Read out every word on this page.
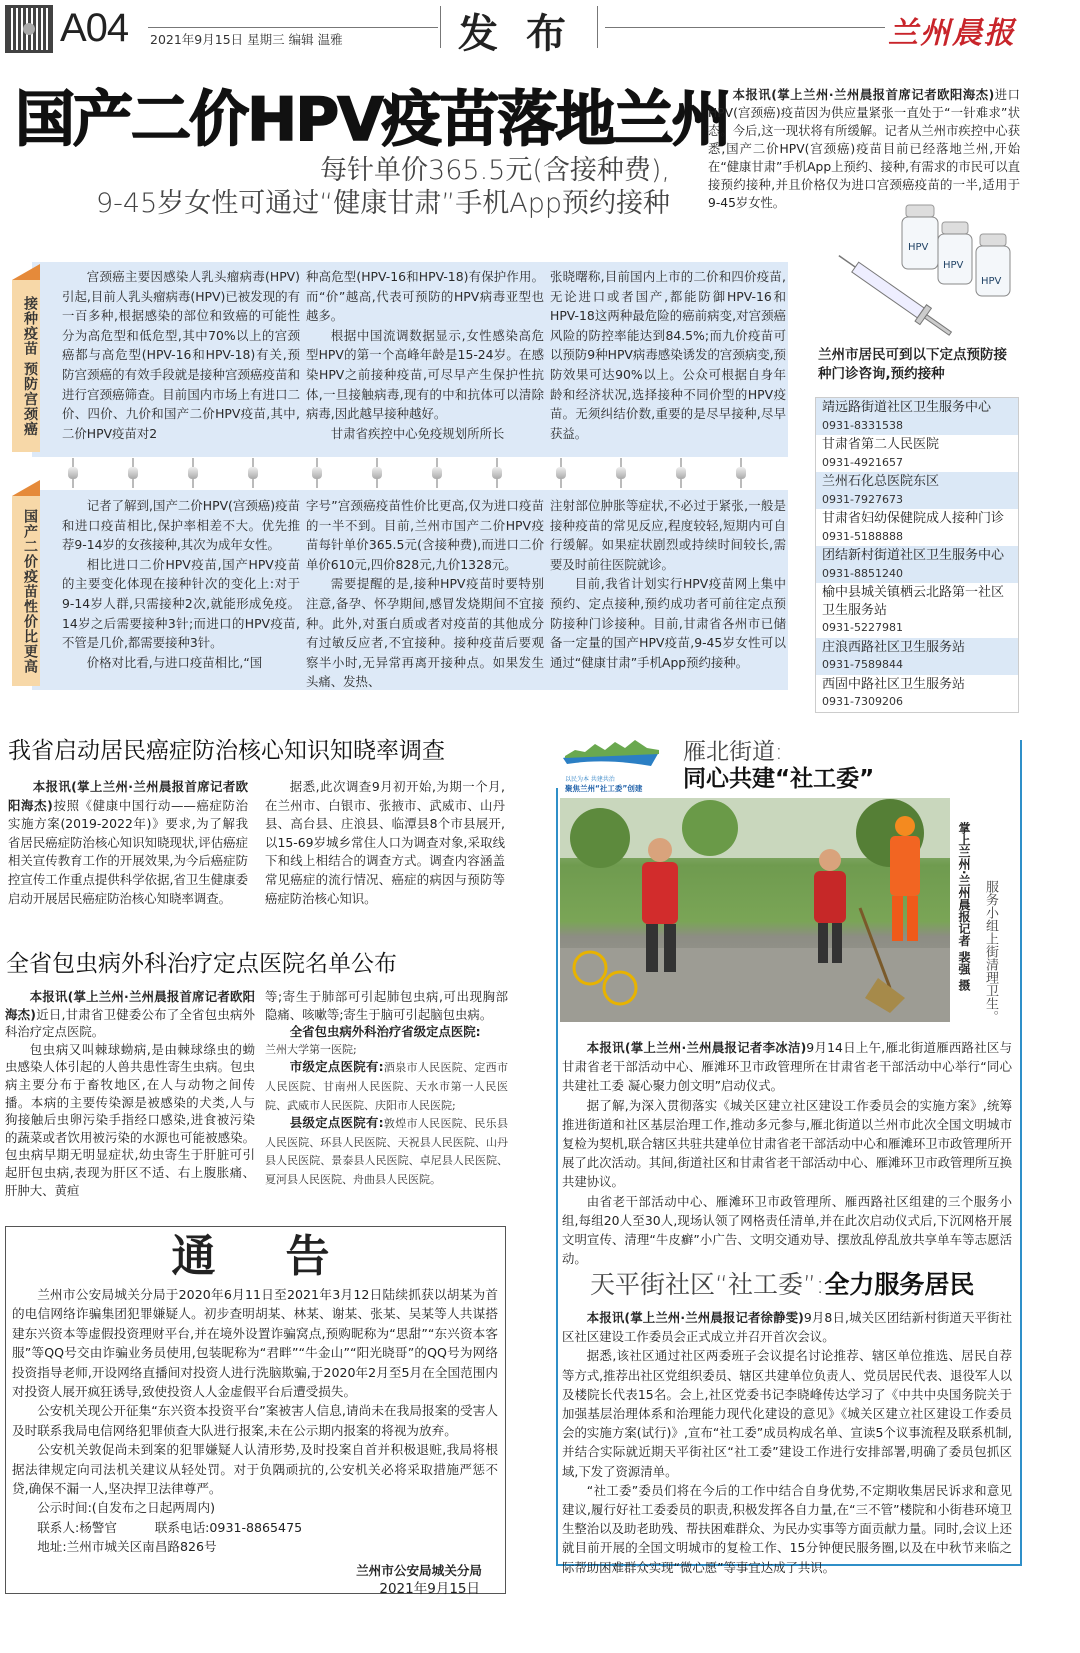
A04 2021年9月15日 星期三 编辑 温雅	发布	兰州晨报
国产二价HPV疫苗落地兰州
每针单价365.5元(含接种费),
9-45岁女性可通过“健康甘肃”手机App预约接种
本报讯(掌上兰州·兰州晨报首席记者欧阳海杰)进口HPV(宫颈癌)疫苗因为供应量紧张一直处于“一针难求”状态。今后,这一现状将有所缓解。记者从兰州市疾控中心获悉,国产二价HPV(宫颈癌)疫苗目前已经落地兰州,开始在“健康甘肃”手机App上预约、接种,有需求的市民可以直接预约接种,并且价格仅为进口宫颈癌疫苗的一半,适用于9-45岁女性。
HPV
HPV
HPV
接种疫苗 预防宫颈癌

宫颈癌主要因感染人乳头瘤病毒(HPV)引起,目前人乳头瘤病毒(HPV)已被发现的有一百多种,根据感染的部位和致癌的可能性分为高危型和低危型,其中70%以上的宫颈癌都与高危型(HPV-16和HPV-18)有关,预防宫颈癌的有效手段就是接种宫颈癌疫苗和进行宫颈癌筛查。目前国内市场上有进口二价、四价、九价和国产二价HPV疫苗,其中,二价HPV疫苗对2

种高危型(HPV-16和HPV-18)有保护作用。而“价”越高,代表可预防的HPV病毒亚型也越多。

根据中国流调数据显示,女性感染高危型HPV的第一个高峰年龄是15-24岁。在感染HPV之前接种疫苗,可尽早产生保护性抗体,一旦接触病毒,现有的中和抗体可以清除病毒,因此越早接种越好。

甘肃省疾控中心免疫规划所所长

张晓曙称,目前国内上市的二价和四价疫苗,无论进口或者国产,都能防御HPV-16和HPV-18这两种最危险的癌前病变,对宫颈癌风险的防控率能达到84.5%;而九价疫苗可以预防9种HPV病毒感染诱发的宫颈病变,预防效果可达90%以上。公众可根据自身年龄和经济状况,选择接种不同价型的HPV疫苗。无须纠结价数,重要的是尽早接种,尽早获益。

国产二价疫苗性价比更高

记者了解到,国产二价HPV(宫颈癌)疫苗和进口疫苗相比,保护率相差不大。优先推荐9-14岁的女孩接种,其次为成年女性。

相比进口二价HPV疫苗,国产HPV疫苗的主要变化体现在接种针次的变化上:对于9-14岁人群,只需接种2次,就能形成免疫。14岁之后需要接种3针;而进口的HPV疫苗,不管是几价,都需要接种3针。

价格对比看,与进口疫苗相比,“国

字号”宫颈癌疫苗性价比更高,仅为进口疫苗的一半不到。目前,兰州市国产二价HPV疫苗每针单价365.5元(含接种费),而进口二价单价610元,四价828元,九价1328元。

需要提醒的是,接种HPV疫苗时要特别注意,备孕、怀孕期间,感冒发烧期间不宜接种。此外,对蛋白质或者对疫苗的其他成分有过敏反应者,不宜接种。接种疫苗后要观察半小时,无异常再离开接种点。如果发生头痛、发热、

注射部位肿胀等症状,不必过于紧张,一般是接种疫苗的常见反应,程度较轻,短期内可自行缓解。如果症状剧烈或持续时间较长,需要及时前往医院就诊。

目前,我省计划实行HPV疫苗网上集中预约、定点接种,预约成功者可前往定点预防接种门诊接种。目前,甘肃省各州市已储备一定量的国产HPV疫苗,9-45岁女性可以通过“健康甘肃”手机App预约接种。

兰州市居民可到以下定点预防接种门诊咨询,预约接种
靖远路街道社区卫生服务中心
0931-8331538
甘肃省第二人民医院
0931-4921657
兰州石化总医院东区
0931-7927673
甘肃省妇幼保健院成人接种门诊
0931-5188888
团结新村街道社区卫生服务中心
0931-8851240
榆中县城关镇栖云北路第一社区卫生服务站
0931-5227981
庄浪西路社区卫生服务站
0931-7589844
西固中路社区卫生服务站
0931-7309206
我省启动居民癌症防治核心知识知晓率调查

本报讯(掌上兰州·兰州晨报首席记者欧阳海杰)按照《健康中国行动——癌症防治实施方案(2019-2022年)》要求,为了解我省居民癌症防治核心知识知晓现状,评估癌症相关宣传教育工作的开展效果,为今后癌症防控宣传工作重点提供科学依据,省卫生健康委启动开展居民癌症防治核心知晓率调查。

据悉,此次调查9月初开始,为期一个月,在兰州市、白银市、张掖市、武威市、山丹县、高台县、庄浪县、临潭县8个市县展开,以15-69岁城乡常住人口为调查对象,采取线下和线上相结合的调查方式。调查内容涵盖常见癌症的流行情况、癌症的病因与预防等癌症防治核心知识。

全省包虫病外科治疗定点医院名单公布

本报讯(掌上兰州·兰州晨报首席记者欧阳海杰)近日,甘肃省卫健委公布了全省包虫病外科治疗定点医院。

包虫病又叫棘球蚴病,是由棘球绦虫的蚴虫感染人体引起的人兽共患性寄生虫病。包虫病主要分布于畜牧地区,在人与动物之间传播。本病的主要传染源是被感染的犬类,人与狗接触后虫卵污染手指经口感染,进食被污染的蔬菜或者饮用被污染的水源也可能被感染。包虫病早期无明显症状,幼虫寄生于肝脏可引起肝包虫病,表现为肝区不适、右上腹胀痛、肝肿大、黄疸

等;寄生于肺部可引起肺包虫病,可出现胸部隐痛、咳嗽等;寄生于脑可引起脑包虫病。

全省包虫病外科治疗省级定点医院:

兰州大学第一医院;

市级定点医院有:酒泉市人民医院、定西市人民医院、甘南州人民医院、天水市第一人民医院、武威市人民医院、庆阳市人民医院;

县级定点医院有:敦煌市人民医院、民乐县人民医院、环县人民医院、天祝县人民医院、山丹县人民医院、景泰县人民医院、卓尼县人民医院、夏河县人民医院、舟曲县人民医院。

通告

兰州市公安局城关分局于2020年6月11日至2021年3月12日陆续抓获以胡某为首的电信网络诈骗集团犯罪嫌疑人。初步查明胡某、林某、谢某、张某、吴某等人共谋搭建东兴资本等虚假投资理财平台,并在境外设置诈骗窝点,预购昵称为“思甜”“东兴资本客服”等QQ号交由诈骗业务员使用,包装昵称为“君畔”“牛金山”“阳光晓哥”的QQ号为网络投资指导老师,开设网络直播间对投资人进行洗脑欺骗,于2020年2月至5月在全国范围内对投资人展开疯狂诱导,致使投资人人金虚假平台后遭受损失。

公安机关现公开征集“东兴资本投资平台”案被害人信息,请尚未在我局报案的受害人及时联系我局电信网络犯罪侦查大队进行报案,未在公示期内报案的将视为放弃。

公安机关敦促尚未到案的犯罪嫌疑人认清形势,及时投案自首并积极退赃,我局将根据法律规定向司法机关建议从轻处罚。对于负隅顽抗的,公安机关必将采取措施严惩不贷,确保不漏一人,坚决捍卫法律尊严。

公示时间:(自发布之日起两周内)

联系人:杨警官	联系电话:0931-8865475

地址:兰州市城关区南昌路826号

兰州市公安局城关分局

2021年9月15日

以民为本 共建共治
聚焦兰州“社工委”创建
雁北街道:
同心共建“社工委”
掌上兰州·兰州晨报记者 裴强 摄 服务小组上街清理卫生。

本报讯(掌上兰州·兰州晨报记者李冰洁)9月14日上午,雁北街道雁西路社区与甘肃省老干部活动中心、雁滩环卫市政管理所在甘肃省老干部活动中心举行“同心共建社工委 凝心聚力创文明”启动仪式。

据了解,为深入贯彻落实《城关区建立社区建设工作委员会的实施方案》,统筹推进街道和社区基层治理工作,推动多元参与,雁北街道以兰州市此次全国文明城市复检为契机,联合辖区共驻共建单位甘肃省老干部活动中心和雁滩环卫市政管理所开展了此次活动。其间,街道社区和甘肃省老干部活动中心、雁滩环卫市政管理所互换共建协议。

由省老干部活动中心、雁滩环卫市政管理所、雁西路社区组建的三个服务小组,每组20人至30人,现场认领了网格责任清单,并在此次启动仪式后,下沉网格开展文明宣传、清理“牛皮癣”小广告、文明交通劝导、摆放乱停乱放共享单车等志愿活动。

天平街社区“社工委”:全力服务居民

本报讯(掌上兰州·兰州晨报记者徐静雯)9月8日,城关区团结新村街道天平街社区社区建设工作委员会正式成立并召开首次会议。

据悉,该社区通过社区两委班子会议提名讨论推荐、辖区单位推选、居民自荐等方式,推荐出社区党组织委员、辖区共建单位负责人、党员居民代表、退役军人以及楼院长代表15名。会上,社区党委书记李晓峰传达学习了《中共中央国务院关于加强基层治理体系和治理能力现代化建设的意见》《城关区建立社区建设工作委员会的实施方案(试行)》,宣布“社工委”成员构成名单、宣读5个议事流程及联系机制,并结合实际就近期天平街社区“社工委”建设工作进行安排部署,明确了委员包抓区域,下发了资源清单。

“社工委”委员们将在今后的工作中结合自身优势,不定期收集居民诉求和意见建议,履行好社工委委员的职责,积极发挥各自力量,在“三不管”楼院和小街巷环境卫生整治以及助老助残、帮扶困难群众、为民办实事等方面贡献力量。同时,会议上还就目前开展的全国文明城市的复检工作、15分钟便民服务圈,以及在中秋节来临之际帮助困难群众实现“微心愿”等事宜达成了共识。
